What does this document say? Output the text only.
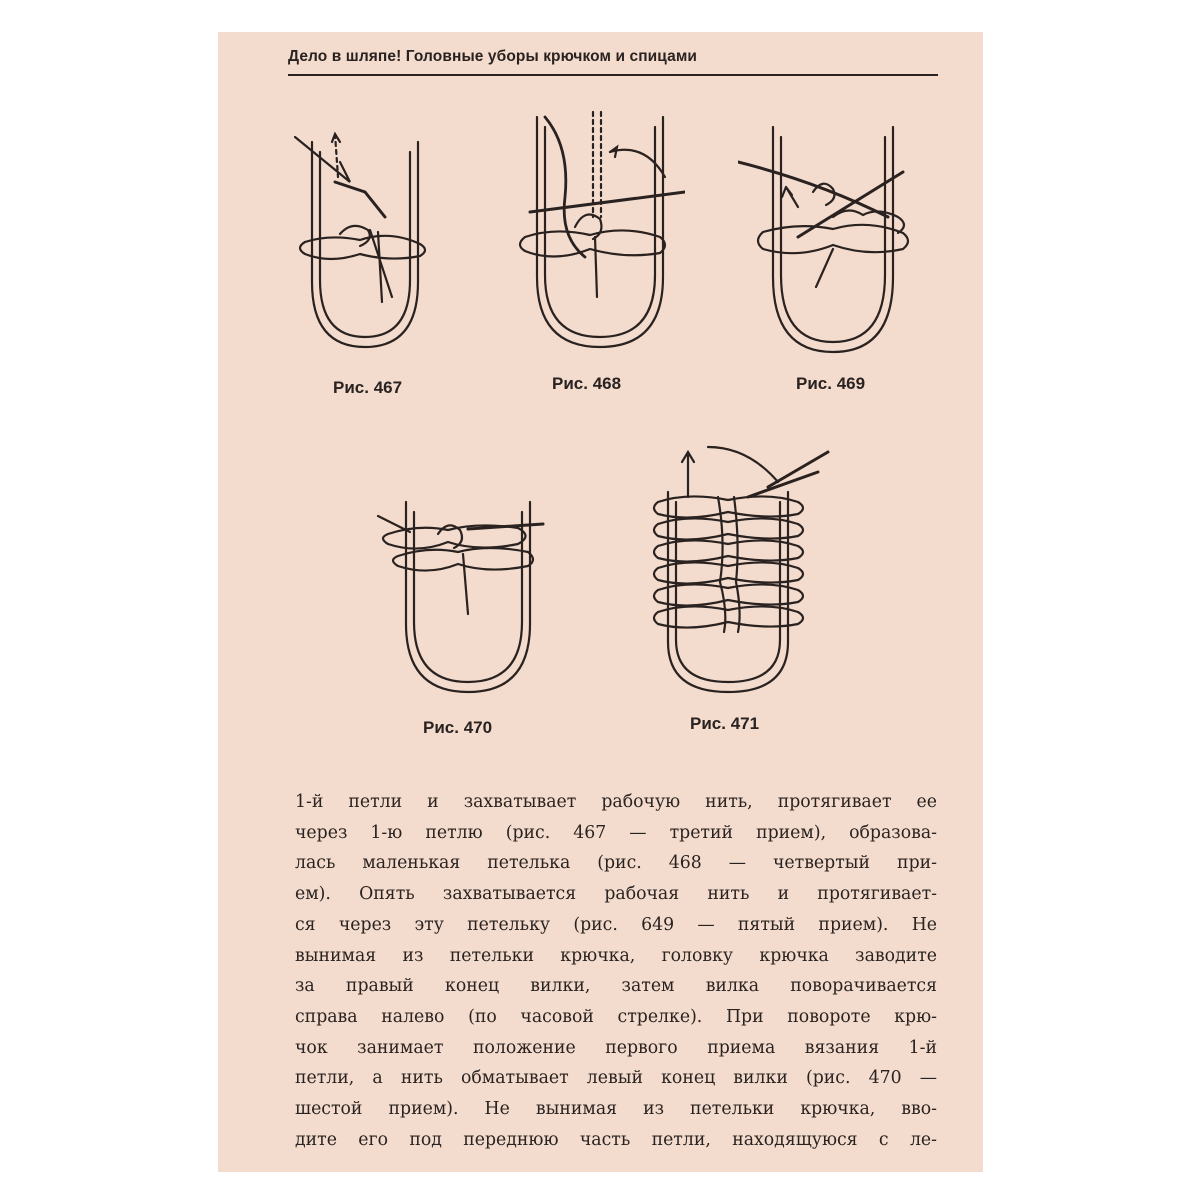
Дело в шляпе! Головные уборы крючком и спицами
Рис. 467	Рис. 468	Рис. 469
Рис. 470	Рис. 471
1-й петли и захватывает рабочую нить, протягивает ее
через 1-ю петлю (рис. 467 — третий прием), образова-
лась маленькая петелька (рис. 468 — четвертый при-
ем). Опять захватывается рабочая нить и протягивает-
ся через эту петельку (рис. 649 — пятый прием). Не
вынимая из петельки крючка, головку крючка заводите
за правый конец вилки, затем вилка поворачивается
справа налево (по часовой стрелке). При повороте крю-
чок занимает положение первого приема вязания 1-й
петли, а нить обматывает левый конец вилки (рис. 470 —
шестой прием). Не вынимая из петельки крючка, вво-
дите его под переднюю часть петли, находящуюся с ле-
